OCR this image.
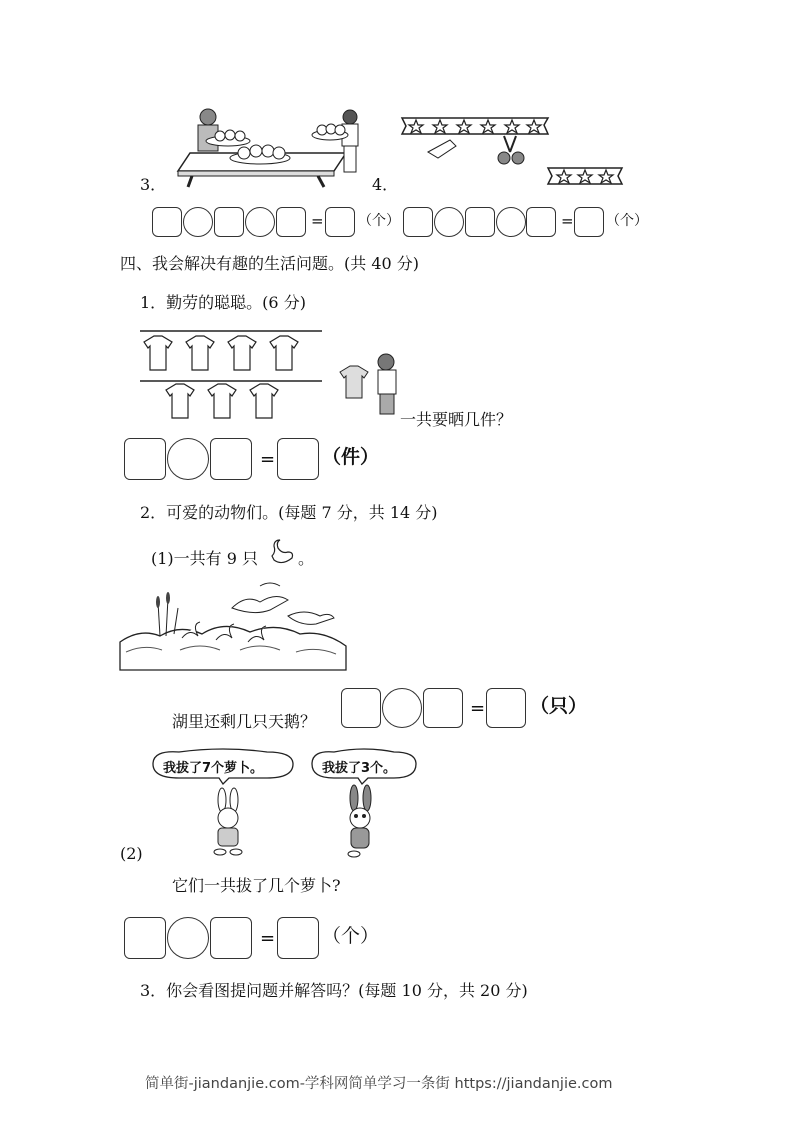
3．	4．
= （个）	= （个）
四、我会解决有趣的生活问题。(共 40 分)
1．勤劳的聪聪。(6 分)
一共要晒几件？
= （件）
2．可爱的动物们。(每题 7 分，共 14 分)
(1)一共有 9 只 。
湖里还剩几只天鹅？
= （只）
我拔了7个萝卜。	我拔了3个。
(2)
它们一共拔了几个萝卜?
= （个）
3．你会看图提问题并解答吗？(每题 10 分，共 20 分)
简单街-jiandanjie.com-学科网简单学习一条街 https://jiandanjie.com
